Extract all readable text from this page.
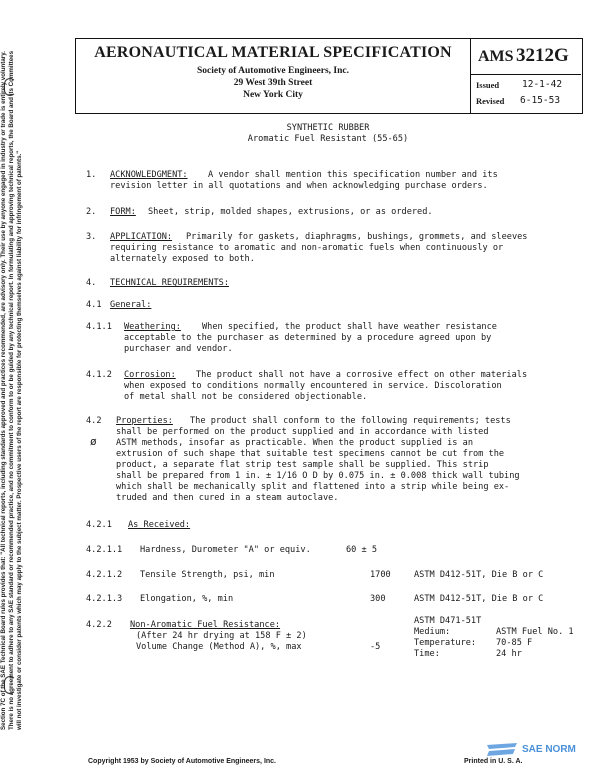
Section 7C of the SAE Technical Board rules provides that: "All technical reports, including standards approved and practices recommended, are advisory only. Their use by anyone engaged in industry or trade is entirely voluntary. There is no agreement to adhere to any SAE standard or recommended practice, and no commitment to conform to or be guided by any technical report. In formulating and approving technical reports, the Board and its Committees will not investigate or consider patents which may apply to the subject matter. Prospective users of the report are responsible for protecting themselves against liability for infringement of patents."
AERONAUTICAL MATERIAL SPECIFICATION
Society of Automotive Engineers, Inc.
29 West 39th Street
New York City
AMS 3212G
Issued 12-1-42
Revised 6-15-53
SYNTHETIC RUBBER
Aromatic Fuel Resistant (55-65)
1. ACKNOWLEDGMENT: A vendor shall mention this specification number and its
revision letter in all quotations and when acknowledging purchase orders.
2. FORM: Sheet, strip, molded shapes, extrusions, or as ordered.
3. APPLICATION: Primarily for gaskets, diaphragms, bushings, grommets, and sleeves
requiring resistance to aromatic and non-aromatic fuels when continuously or
alternately exposed to both.
4. TECHNICAL REQUIREMENTS:
4.1 General:
4.1.1 Weathering: When specified, the product shall have weather resistance
acceptable to the purchaser as determined by a procedure agreed upon by
purchaser and vendor.
4.1.2 Corrosion: The product shall not have a corrosive effect on other materials
when exposed to conditions normally encountered in service. Discoloration
of metal shall not be considered objectionable.
4.2 Properties:
ø
The product shall conform to the following requirements; tests
shall be performed on the product supplied and in accordance with listed
ASTM methods, insofar as practicable. When the product supplied is an
extrusion of such shape that suitable test specimens cannot be cut from the
product, a separate flat strip test sample shall be supplied. This strip
shall be prepared from 1 in. ± 1/16 O D by 0.075 in. ± 0.008 thick wall tubing
which shall be mechanically split and flattened into a strip while being ex-
truded and then cured in a steam autoclave.
4.2.1 As Received:
4.2.1.1 Hardness, Durometer "A" or equiv.	60 ± 5
4.2.1.2 Tensile Strength, psi, min	1700	ASTM D412-51T, Die B or C
4.2.1.3 Elongation, %, min	300	ASTM D412-51T, Die B or C
4.2.2 Non-Aromatic Fuel Resistance:
(After 24 hr drying at 158 F ± 2)
Volume Change (Method A), %, max	-5
ASTM D471-51T
Medium:	ASTM Fuel No. 1
Temperature: 70-85 F
Time:	24 hr
Copyright 1953 by Society of Automotive Engineers, Inc.	Printed in U. S. A.
SAE NORM
